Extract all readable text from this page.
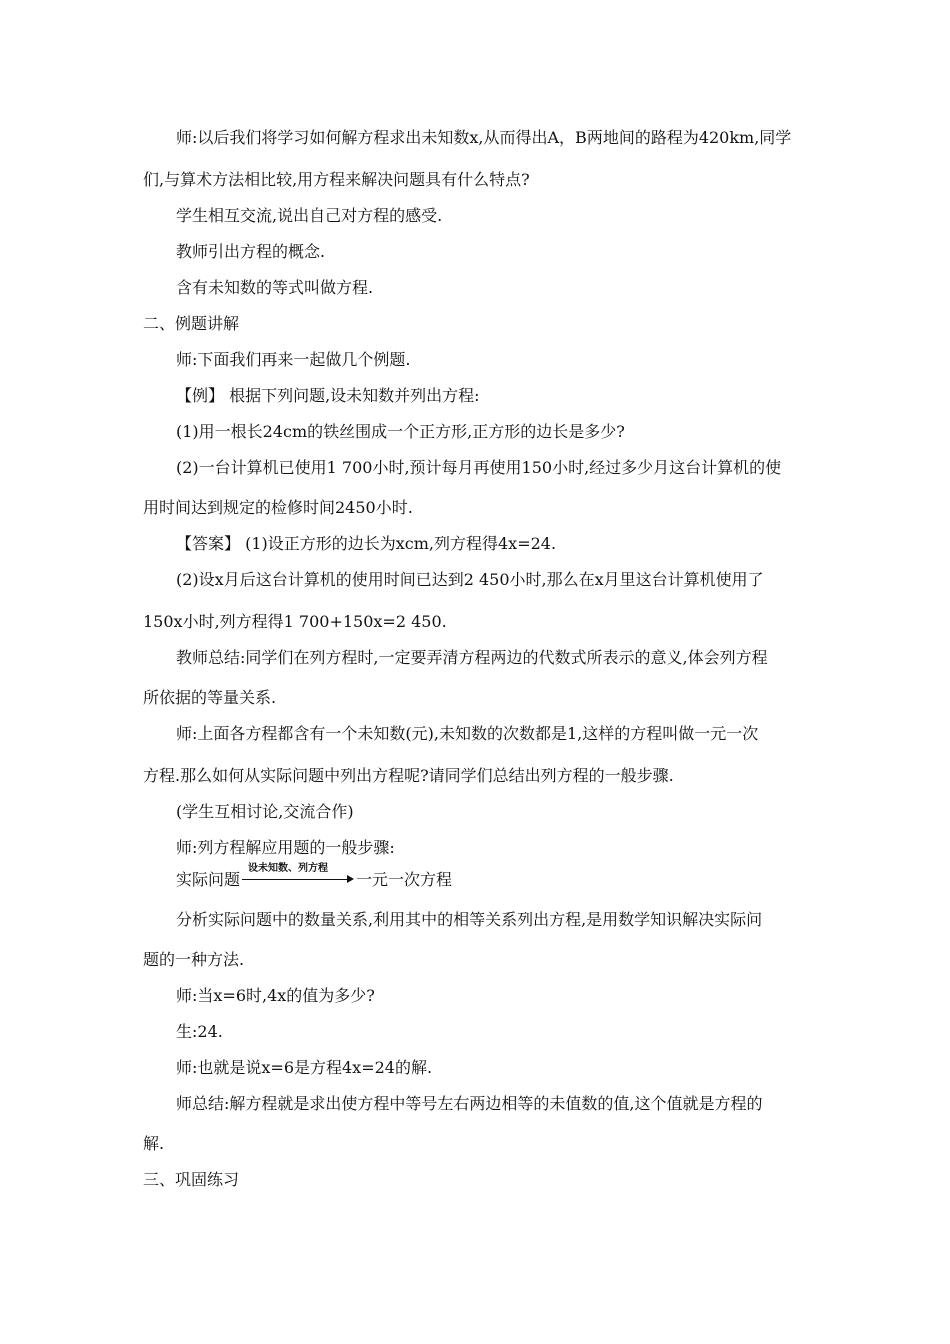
师:以后我们将学习如何解方程求出未知数x,从而得出A，B两地间的路程为420km,同学
们,与算术方法相比较,用方程来解决问题具有什么特点?
学生相互交流,说出自己对方程的感受.
教师引出方程的概念.
含有未知数的等式叫做方程.
二、例题讲解
师:下面我们再来一起做几个例题.
【例】 根据下列问题,设未知数并列出方程:
(1)用一根长24cm的铁丝围成一个正方形,正方形的边长是多少?
(2)一台计算机已使用1 700小时,预计每月再使用150小时,经过多少月这台计算机的使
用时间达到规定的检修时间2450小时.
【答案】 (1)设正方形的边长为xcm,列方程得4x=24.
(2)设x月后这台计算机的使用时间已达到2 450小时,那么在x月里这台计算机使用了
150x小时,列方程得1 700+150x=2 450.
教师总结:同学们在列方程时,一定要弄清方程两边的代数式所表示的意义,体会列方程
所依据的等量关系.
师:上面各方程都含有一个未知数(元),未知数的次数都是1,这样的方程叫做一元一次
方程.那么如何从实际问题中列出方程呢?请同学们总结出列方程的一般步骤.
(学生互相讨论,交流合作)
师:列方程解应用题的一般步骤:
实际问题
设未知数、列方程
一元一次方程
分析实际问题中的数量关系,利用其中的相等关系列出方程,是用数学知识解决实际问
题的一种方法.
师:当x=6时,4x的值为多少?
生:24.
师:也就是说x=6是方程4x=24的解.
师总结:解方程就是求出使方程中等号左右两边相等的未值数的值,这个值就是方程的
解.
三、巩固练习
